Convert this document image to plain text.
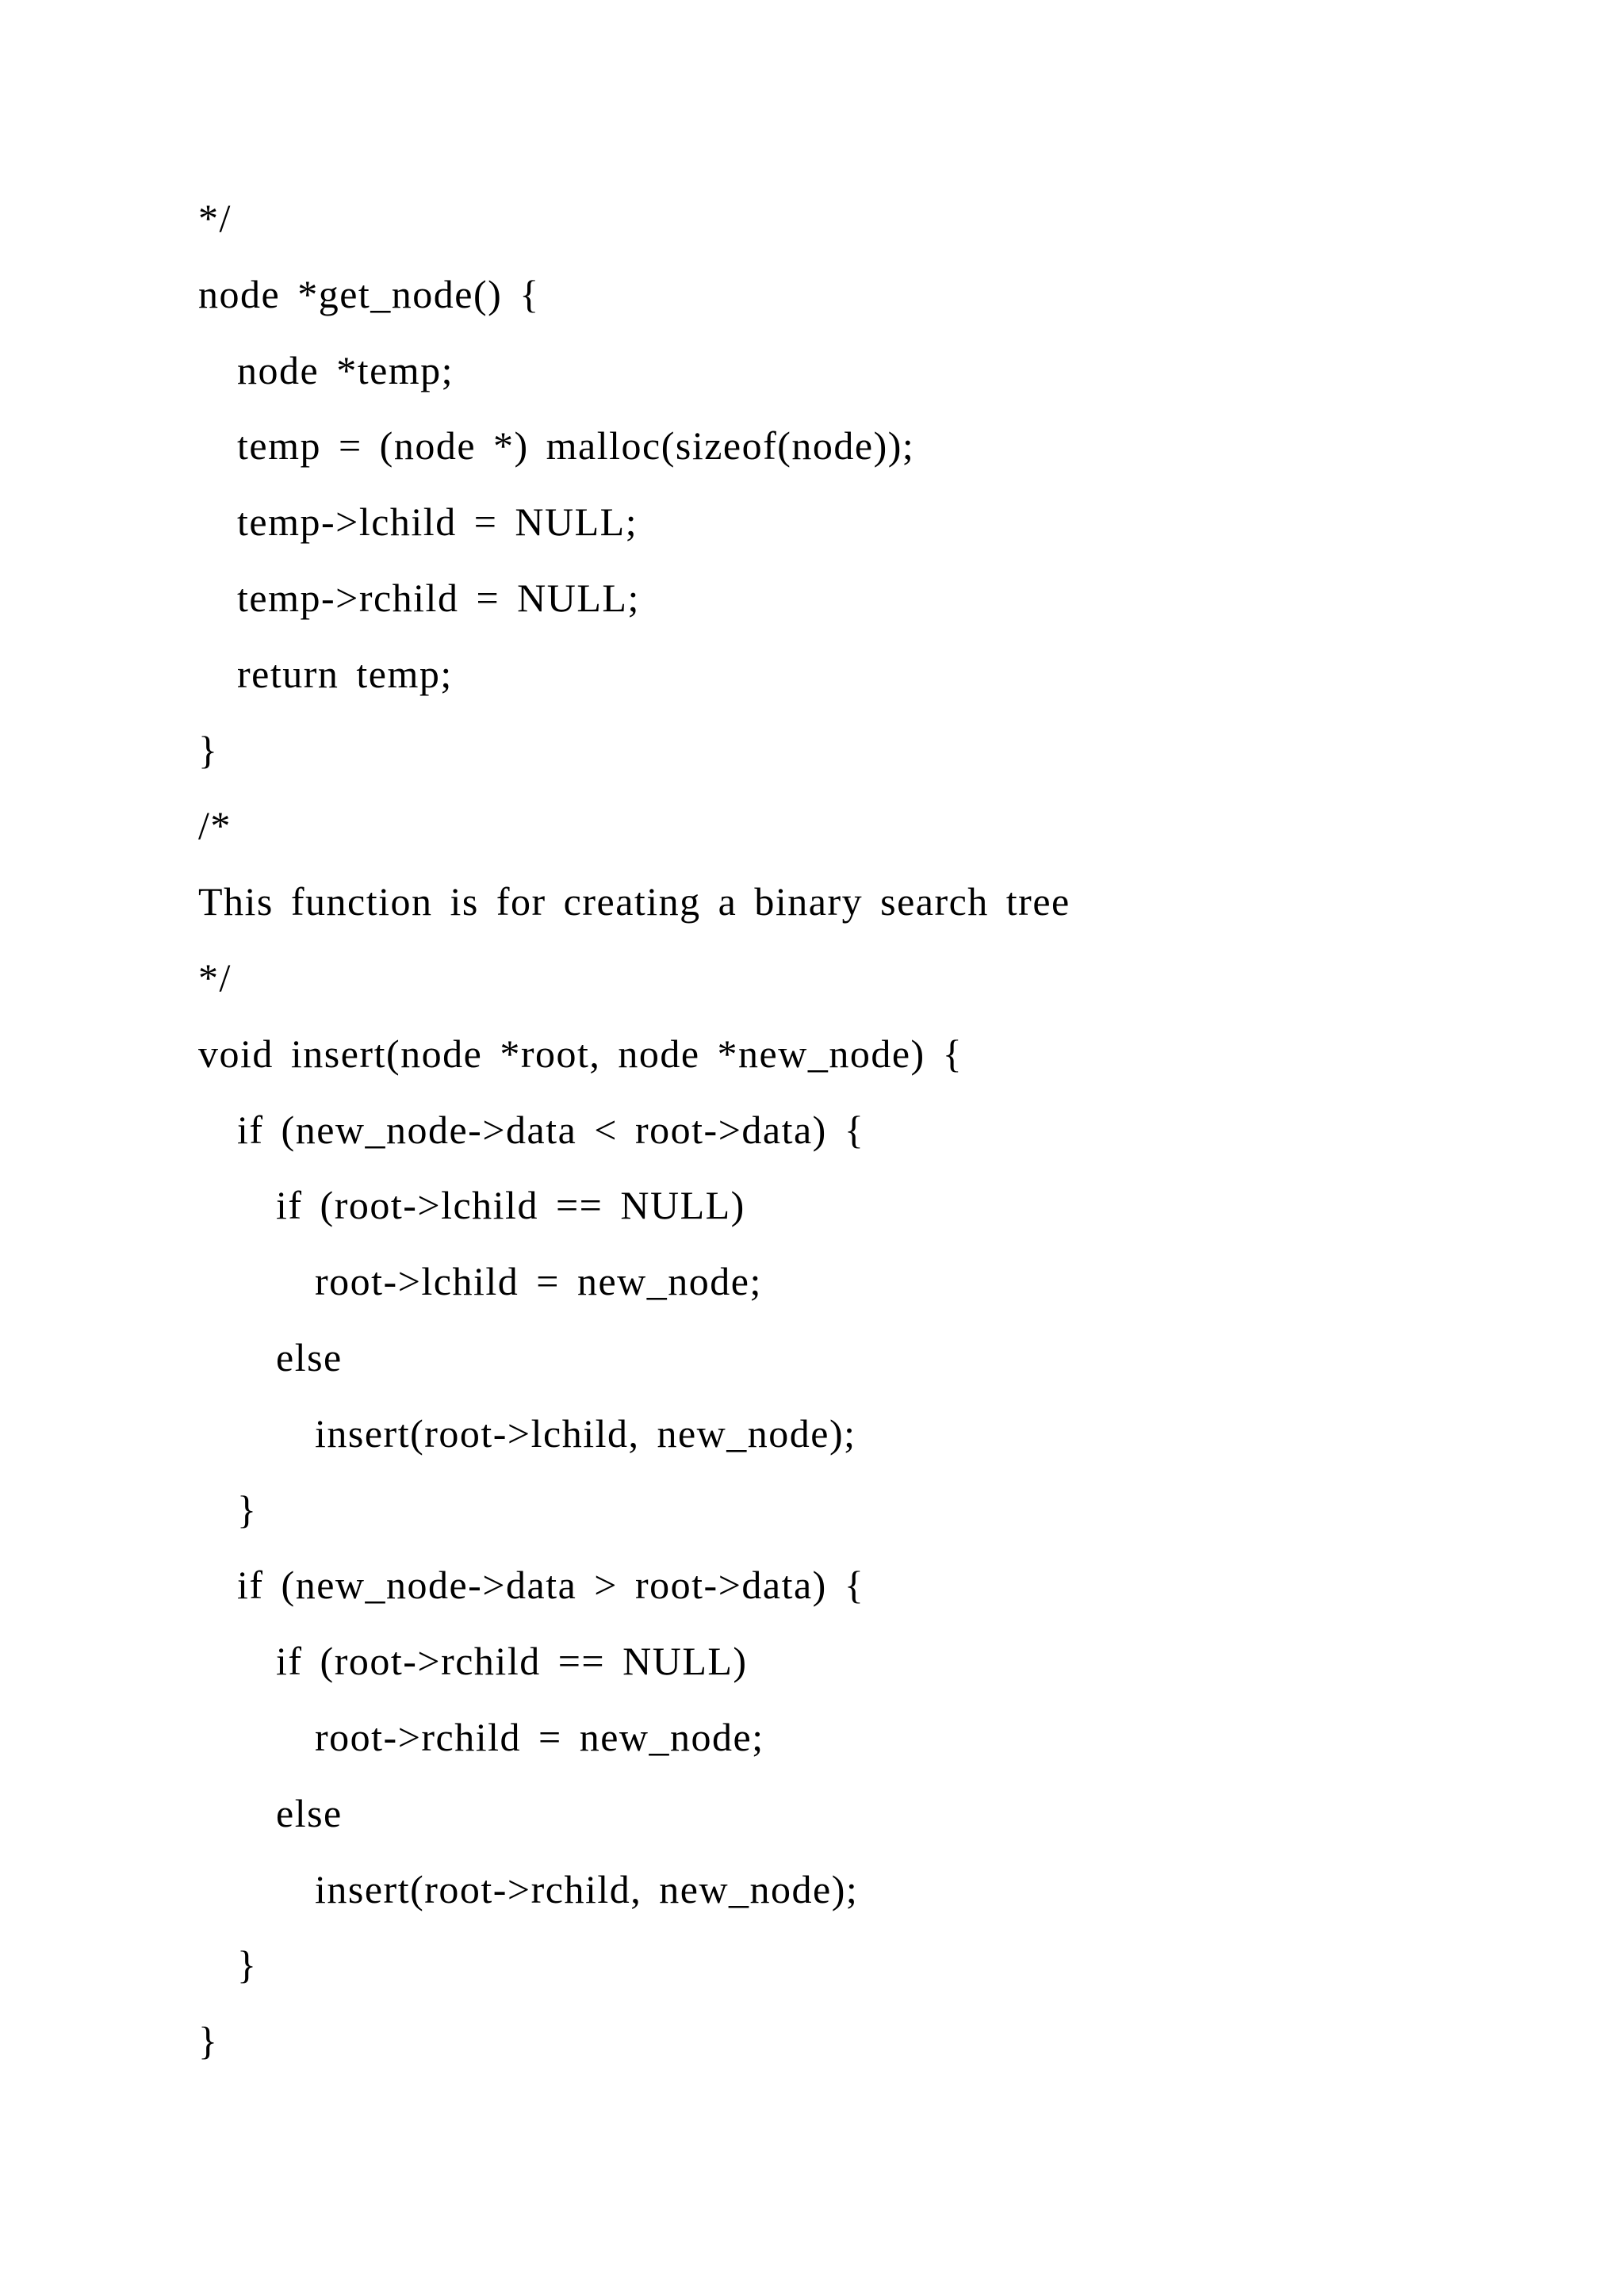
*/
node *get_node() {
node *temp;
temp = (node *) malloc(sizeof(node));
temp->lchild = NULL;
temp->rchild = NULL;
return temp;
}
/*
This function is for creating a binary search tree
*/
void insert(node *root, node *new_node) {
if (new_node->data < root->data) {
if (root->lchild == NULL)
root->lchild = new_node;
else
insert(root->lchild, new_node);
}
if (new_node->data > root->data) {
if (root->rchild == NULL)
root->rchild = new_node;
else
insert(root->rchild, new_node);
}
}
